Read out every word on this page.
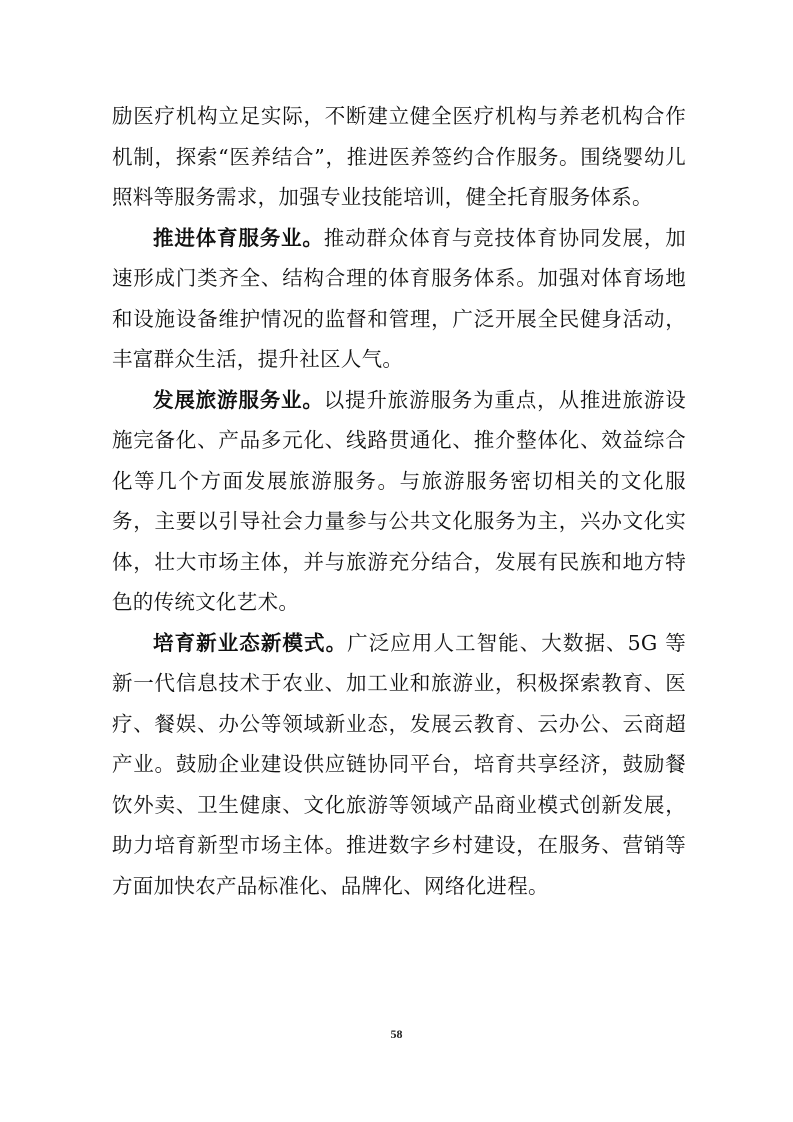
励医疗机构立足实际，不断建立健全医疗机构与养老机构合作机制，探索“医养结合”，推进医养签约合作服务。围绕婴幼儿照料等服务需求，加强专业技能培训，健全托育服务体系。

推进体育服务业。推动群众体育与竞技体育协同发展，加速形成门类齐全、结构合理的体育服务体系。加强对体育场地和设施设备维护情况的监督和管理，广泛开展全民健身活动，丰富群众生活，提升社区人气。

发展旅游服务业。以提升旅游服务为重点，从推进旅游设施完备化、产品多元化、线路贯通化、推介整体化、效益综合化等几个方面发展旅游服务。与旅游服务密切相关的文化服务，主要以引导社会力量参与公共文化服务为主，兴办文化实体，壮大市场主体，并与旅游充分结合，发展有民族和地方特色的传统文化艺术。

培育新业态新模式。广泛应用人工智能、大数据、5G 等新一代信息技术于农业、加工业和旅游业，积极探索教育、医疗、餐娱、办公等领域新业态，发展云教育、云办公、云商超产业。鼓励企业建设供应链协同平台，培育共享经济，鼓励餐饮外卖、卫生健康、文化旅游等领域产品商业模式创新发展，助力培育新型市场主体。推进数字乡村建设，在服务、营销等方面加快农产品标准化、品牌化、网络化进程。

58
